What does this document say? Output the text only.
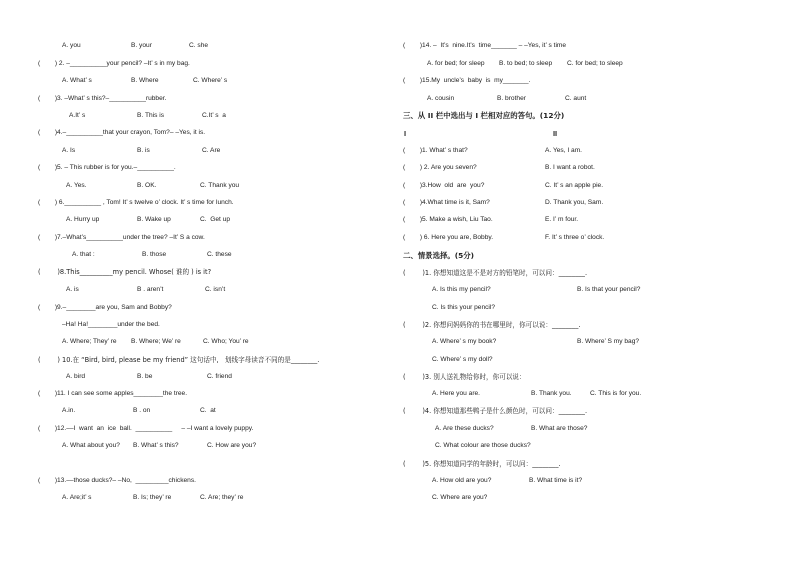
A. you	B. your	C. she
(        ) 2. –__________your pencil? –It’ s in my bag.
A. What’ s	B. Where	C. Where’ s
(        )3. –What’ s this?–__________rubber.
A.It’ s	B. This is	C.It’ s  a
(        )4.–__________that your crayon, Tom?– –Yes, it is.
A. Is	B. is	C. Are
(        )5. – This rubber is for you.–__________.
A. Yes.	B. OK.	C. Thank you
(        ) 6.__________ , Tom! It’ s twelve o’ clock. It’ s time for lunch.
A. Hurry up	B. Wake up	C.  Get up
(        )7.–What’s__________under the tree? –It’ S a cow.
A. that :	B. those	C. these
(        )8.This__________my pencil. Whose( 谁的 ) is it?
A. is	B . aren’t	C. isn’t
(        )9.–________are you, Sam and Bobby?
–Ha! Ha!________under the bed.
A. Where; They’ re B. Where; We’ re	C. Who; You’ re
(        ) 10.在 “Bird, bird, please be my friend” 这句话中,   划线字母读音不同的是________.
A. bird	B. be	C. friend
(        )11. I can see some apples________the tree.
A.in.	B . on	C.  at
(        )12.––I  want  an  ice  ball.  __________     – –I want a lovely puppy.
A. What about you? B. What’ s this?	C. How are you?
(        )13.––those ducks?– –No,  _________chickens.
A. Are;it’ s	B. Is; they’ re	C. Are; they’ re
(        )14. –  It’s  nine.It’s  time_______ – –Yes, it’ s time
A. for bed; for sleep B. to bed; to sleep C. for bed; to sleep
(        )15.My  uncle’s  baby  is  my_______.
A. cousin	B. brother	C. aunt
三、从 II 栏中选出与 I 栏相对应的答句。(12分)
I	II
(        )1. What’ s that?	A. Yes, I am.
(        ) 2. Are you seven?	B. I want a robot.
(        )3.How  old  are  you?	C. It’ s an apple pie.
(        )4.What time is it, Sam?	D. Thank you, Sam.
(        )5. Make a wish, Liu Tao.	E. I’ m four.
(        ) 6. Here you are, Bobby.	F. It’ s three o’ clock.
二、情景选择。(5分)
(        )1. 你想知道这是不是对方的铅笔时，可以问：________.
A. Is this my pencil?	B. Is that your pencil?
C. Is this your pencil?
(        )2. 你想问妈妈你的书在哪里时，你可以说：________.
A. Where’ s my book?	B. Where’ S my bag?
C. Where’ s my doll?
(        )3. 别人送礼物给你时，你可以说：
A. Here you are.	B. Thank you.	C. This is for you.
(        )4. 你想知道那些鸭子是什么颜色时，可以问：________.
A. Are these ducks?	B. What are those?
C. What colour are those ducks?
(        )5. 你想知道同学的年龄时，可以问：________.
A. How old are you?	B. What time is it?
C. Where are you?
